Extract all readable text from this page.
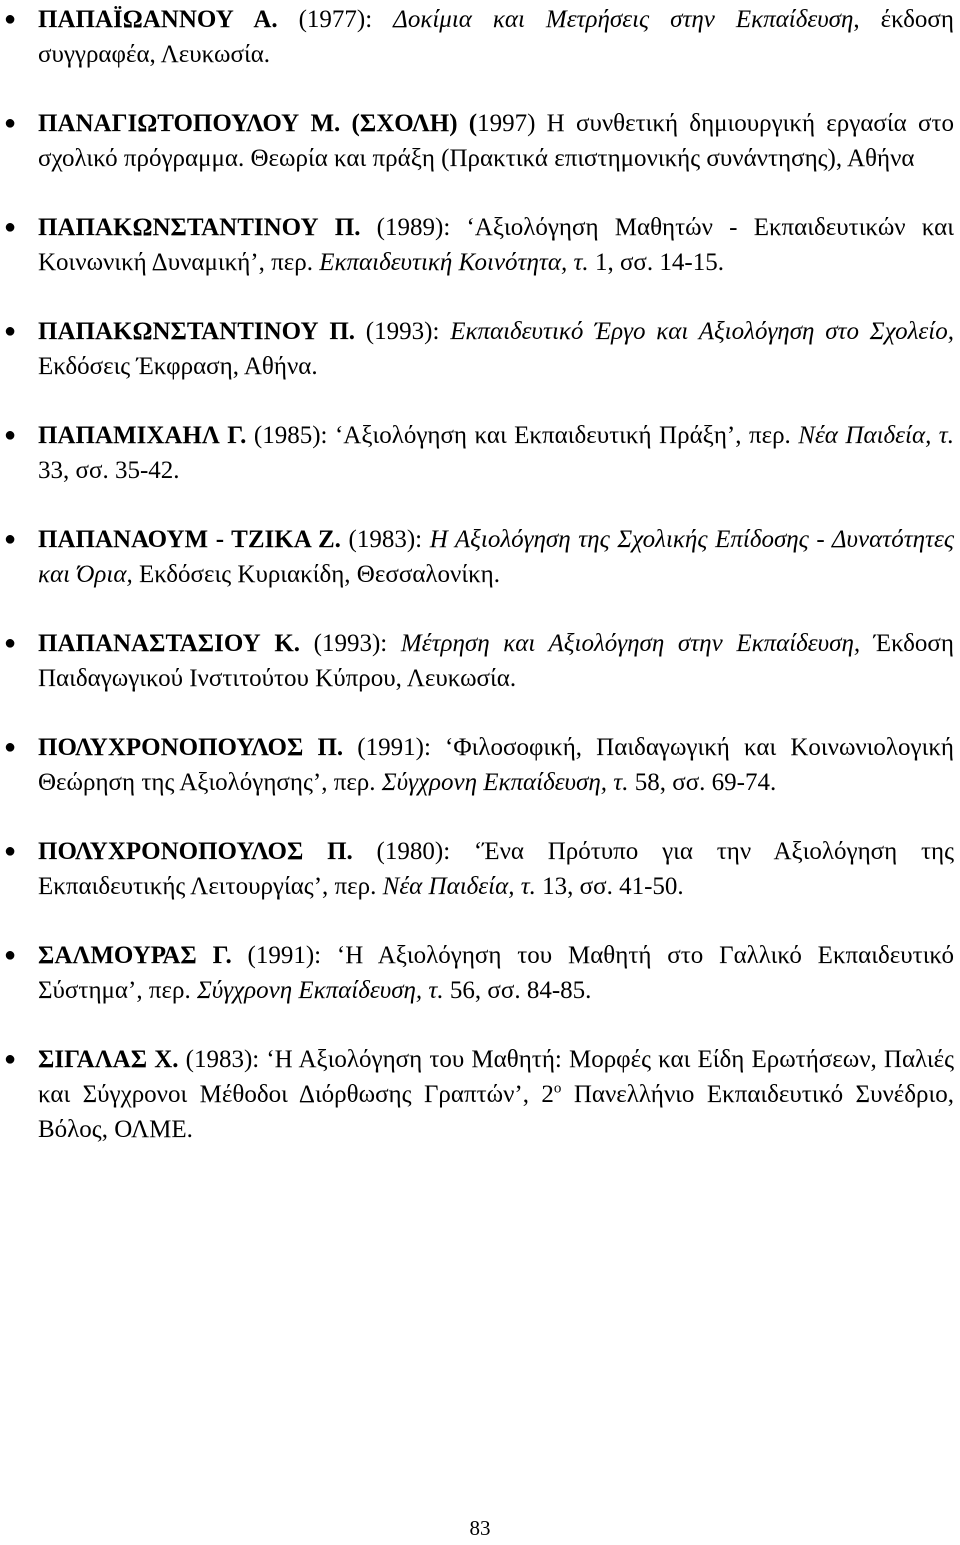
● ΠΑΠΑΪΩΑΝΝΟΥ Α. (1977): Δοκίμια και Μετρήσεις στην Εκπαίδευση, έκδοση συγγραφέα, Λευκωσία.
● ΠΑΝΑΓΙΩΤΟΠΟΥΛΟΥ Μ. (ΣΧΟΛΗ) (1997) Η συνθετική δημιουργική εργασία στο σχολικό πρόγραμμα. Θεωρία και πράξη (Πρακτικά επιστημονικής συνάντησης), Αθήνα
● ΠΑΠΑΚΩΝΣΤΑΝΤΙΝΟΥ Π. (1989): ‘Αξιολόγηση Μαθητών - Εκπαιδευτικών και Κοινωνική Δυναμική’, περ. Εκπαιδευτική Κοινότητα, τ. 1, σσ. 14-15.
● ΠΑΠΑΚΩΝΣΤΑΝΤΙΝΟΥ Π. (1993): Εκπαιδευτικό Έργο και Αξιολόγηση στο Σχολείο, Εκδόσεις Έκφραση, Αθήνα.
● ΠΑΠΑΜΙΧΑΗΛ Γ. (1985): ‘Αξιολόγηση και Εκπαιδευτική Πράξη’, περ. Νέα Παιδεία, τ. 33, σσ. 35-42.
● ΠΑΠΑΝΑΟΥΜ - ΤΖΙΚΑ Ζ. (1983): Η Αξιολόγηση της Σχολικής Επίδοσης - Δυνατότητες και Όρια, Εκδόσεις Κυριακίδη, Θεσσαλονίκη.
● ΠΑΠΑΝΑΣΤΑΣΙΟΥ Κ. (1993): Μέτρηση και Αξιολόγηση στην Εκπαίδευση, Έκδοση Παιδαγωγικού Ινστιτούτου Κύπρου, Λευκωσία.
● ΠΟΛΥΧΡΟΝΟΠΟΥΛΟΣ Π. (1991): ‘Φιλοσοφική, Παιδαγωγική και Κοινωνιολογική Θεώρηση της Αξιολόγησης’, περ. Σύγχρονη Εκπαίδευση, τ. 58, σσ. 69-74.
● ΠΟΛΥΧΡΟΝΟΠΟΥΛΟΣ Π. (1980): ‘Ένα Πρότυπο για την Αξιολόγηση της Εκπαιδευτικής Λειτουργίας’, περ. Νέα Παιδεία, τ. 13, σσ. 41-50.
● ΣΑΛΜΟΥΡΑΣ Γ. (1991): ‘Η Αξιολόγηση του Μαθητή στο Γαλλικό Εκπαιδευτικό Σύστημα’, περ. Σύγχρονη Εκπαίδευση, τ. 56, σσ. 84-85.
● ΣΙΓΑΛΑΣ Χ. (1983): ‘Η Αξιολόγηση του Μαθητή: Μορφές και Είδη Ερωτήσεων, Παλιές και Σύγχρονοι Μέθοδοι Διόρθωσης Γραπτών’, $2^o$ Πανελλήνιο Εκπαιδευτικό Συνέδριο, Βόλος, ΟΛΜΕ.
83
